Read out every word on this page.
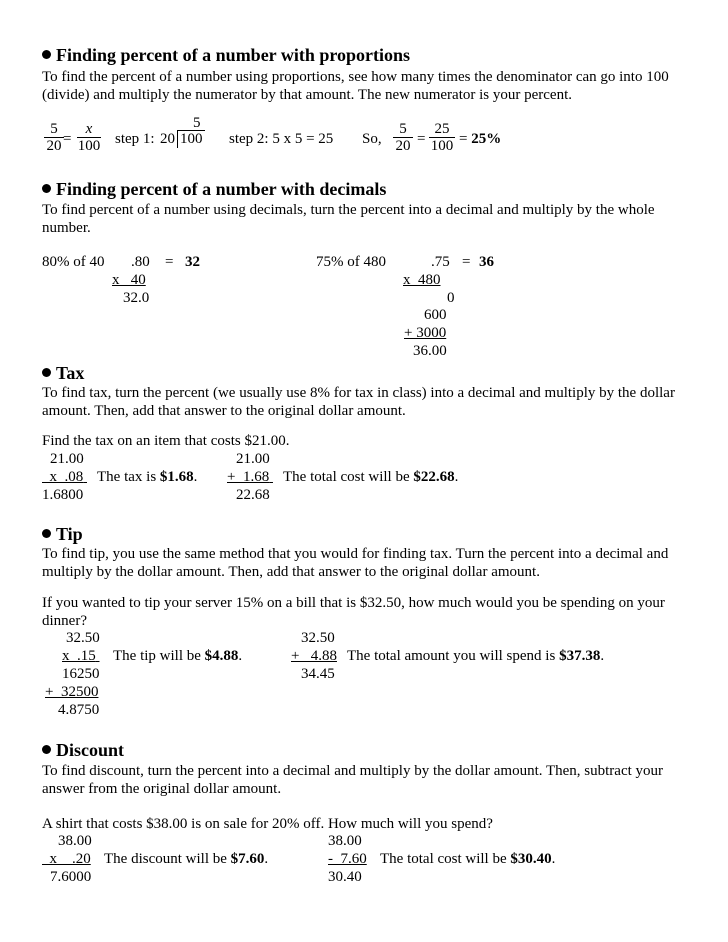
Finding percent of a number with proportions
To find the percent of a number using proportions, see how many times the denominator can go into 100 (divide) and multiply the numerator by that amount. The new numerator is your percent.
$\frac{5}{20} = \frac{x}{100}$ step 1:
5
20 100 step 2: 5 x 5 = 25 So, $\frac{5}{20} = \frac{25}{100} = 25\%$
Finding percent of a number with decimals
To find percent of a number using decimals, turn the percent into a decimal and multiply by the whole number.
80% of 40 .80 = 32
x   40
32.0
75% of 480	.75 = 36
x  480
0
600
+ 3000
36.00
Tax
To find tax, turn the percent (we usually use 8% for tax in class) into a decimal and multiply by the dollar amount. Then, add that answer to the original dollar amount.
Find the tax on an item that costs $21.00.
21.00
x  .08
1.6800
The tax is $1.68.
21.00
+  1.68
22.68
The total cost will be $22.68.
Tip
To find tip, you use the same method that you would for finding tax. Turn the percent into a decimal and multiply by the dollar amount. Then, add that answer to the original dollar amount.
If you wanted to tip your server 15% on a bill that is $32.50, how much would you be spending on your dinner?
32.50
x  .15
16250
+  32500
4.8750
The tip will be $4.88.
32.50
+   4.88
34.45
The total amount you will spend is $37.38.
Discount
To find discount, turn the percent into a decimal and multiply by the dollar amount. Then, subtract your answer from the original dollar amount.
A shirt that costs $38.00 is on sale for 20% off. How much will you spend?
38.00
x    .20
7.6000
The discount will be $7.60.
38.00
-  7.60
30.40
The total cost will be $30.40.
